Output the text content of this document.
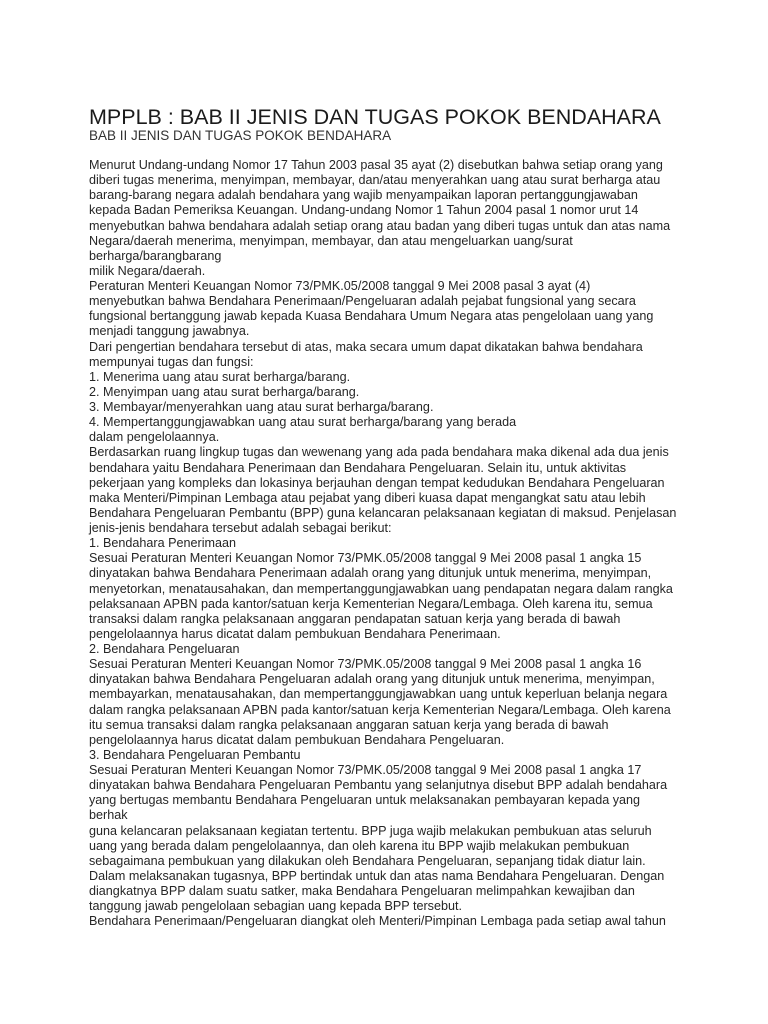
MPPLB : BAB II JENIS DAN TUGAS POKOK BENDAHARA
BAB II JENIS DAN TUGAS POKOK BENDAHARA
Menurut Undang-undang Nomor 17 Tahun 2003 pasal 35 ayat (2) disebutkan bahwa setiap orang yang
diberi tugas menerima, menyimpan, membayar, dan/atau menyerahkan uang atau surat berharga atau
barang-barang negara adalah bendahara yang wajib menyampaikan laporan pertanggungjawaban
kepada Badan Pemeriksa Keuangan. Undang-undang Nomor 1 Tahun 2004 pasal 1 nomor urut 14
menyebutkan bahwa bendahara adalah setiap orang atau badan yang diberi tugas untuk dan atas nama
Negara/daerah menerima, menyimpan, membayar, dan atau mengeluarkan uang/surat
berharga/barangbarang
milik Negara/daerah.
Peraturan Menteri Keuangan Nomor 73/PMK.05/2008 tanggal 9 Mei 2008 pasal 3 ayat (4)
menyebutkan bahwa Bendahara Penerimaan/Pengeluaran adalah pejabat fungsional yang secara
fungsional bertanggung jawab kepada Kuasa Bendahara Umum Negara atas pengelolaan uang yang
menjadi tanggung jawabnya.
Dari pengertian bendahara tersebut di atas, maka secara umum dapat dikatakan bahwa bendahara
mempunyai tugas dan fungsi:
1. Menerima uang atau surat berharga/barang.
2. Menyimpan uang atau surat berharga/barang.
3. Membayar/menyerahkan uang atau surat berharga/barang.
4. Mempertanggungjawabkan uang atau surat berharga/barang yang berada
dalam pengelolaannya.
Berdasarkan ruang lingkup tugas dan wewenang yang ada pada bendahara maka dikenal ada dua jenis
bendahara yaitu Bendahara Penerimaan dan Bendahara Pengeluaran. Selain itu, untuk aktivitas
pekerjaan yang kompleks dan lokasinya berjauhan dengan tempat kedudukan Bendahara Pengeluaran
maka Menteri/Pimpinan Lembaga atau pejabat yang diberi kuasa dapat mengangkat satu atau lebih
Bendahara Pengeluaran Pembantu (BPP) guna kelancaran pelaksanaan kegiatan di maksud. Penjelasan
jenis-jenis bendahara tersebut adalah sebagai berikut:
1. Bendahara Penerimaan
Sesuai Peraturan Menteri Keuangan Nomor 73/PMK.05/2008 tanggal 9 Mei 2008 pasal 1 angka 15
dinyatakan bahwa Bendahara Penerimaan adalah orang yang ditunjuk untuk menerima, menyimpan,
menyetorkan, menatausahakan, dan mempertanggungjawabkan uang pendapatan negara dalam rangka
pelaksanaan APBN pada kantor/satuan kerja Kementerian Negara/Lembaga. Oleh karena itu, semua
transaksi dalam rangka pelaksanaan anggaran pendapatan satuan kerja yang berada di bawah
pengelolaannya harus dicatat dalam pembukuan Bendahara Penerimaan.
2. Bendahara Pengeluaran
Sesuai Peraturan Menteri Keuangan Nomor 73/PMK.05/2008 tanggal 9 Mei 2008 pasal 1 angka 16
dinyatakan bahwa Bendahara Pengeluaran adalah orang yang ditunjuk untuk menerima, menyimpan,
membayarkan, menatausahakan, dan mempertanggungjawabkan uang untuk keperluan belanja negara
dalam rangka pelaksanaan APBN pada kantor/satuan kerja Kementerian Negara/Lembaga. Oleh karena
itu semua transaksi dalam rangka pelaksanaan anggaran satuan kerja yang berada di bawah
pengelolaannya harus dicatat dalam pembukuan Bendahara Pengeluaran.
3. Bendahara Pengeluaran Pembantu
Sesuai Peraturan Menteri Keuangan Nomor 73/PMK.05/2008 tanggal 9 Mei 2008 pasal 1 angka 17
dinyatakan bahwa Bendahara Pengeluaran Pembantu yang selanjutnya disebut BPP adalah bendahara
yang bertugas membantu Bendahara Pengeluaran untuk melaksanakan pembayaran kepada yang
berhak
guna kelancaran pelaksanaan kegiatan tertentu. BPP juga wajib melakukan pembukuan atas seluruh
uang yang berada dalam pengelolaannya, dan oleh karena itu BPP wajib melakukan pembukuan
sebagaimana pembukuan yang dilakukan oleh Bendahara Pengeluaran, sepanjang tidak diatur lain.
Dalam melaksanakan tugasnya, BPP bertindak untuk dan atas nama Bendahara Pengeluaran. Dengan
diangkatnya BPP dalam suatu satker, maka Bendahara Pengeluaran melimpahkan kewajiban dan
tanggung jawab pengelolaan sebagian uang kepada BPP tersebut.
Bendahara Penerimaan/Pengeluaran diangkat oleh Menteri/Pimpinan Lembaga pada setiap awal tahun
